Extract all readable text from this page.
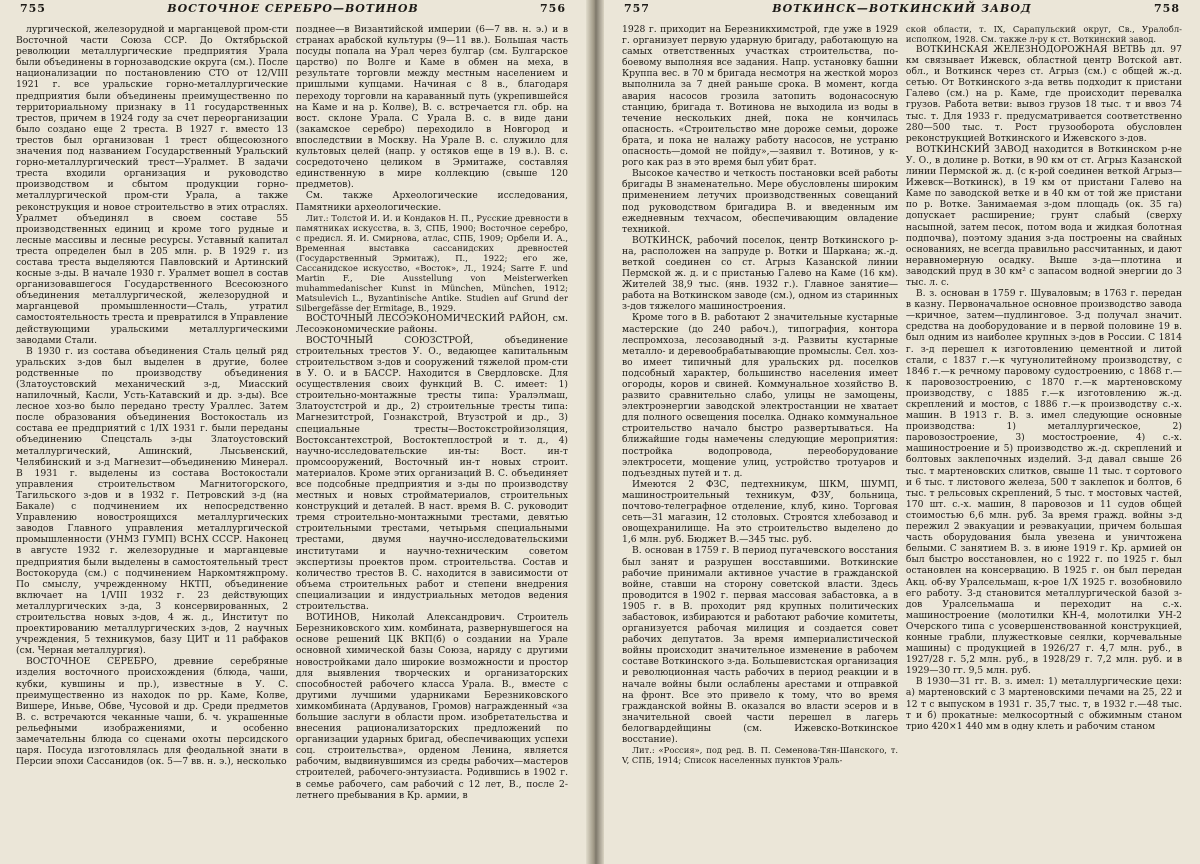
755	ВОСТОЧНОЕ СЕРЕБРО—ВОТИНОВ	756

лургической, железорудной и марганцевой пром-сти Восточной части Союза ССР. До Октябрьской революции металлургические предприятия Урала были объединены в горнозаводские округа (см.). После национализации по постановлению СТО от 12/VIII 1921 г. все уральские горно-металлургические предприятия были объединены преимущественно по территориальному признаку в 11 государственных трестов, причем в 1924 году за счет переорганизации было создано еще 2 треста. В 1927 г. вместо 13 трестов был организован 1 трест общесоюзного значения под названием Государственный Уральский горно-металлургический трест—Уралмет. В задачи треста входили организация и руководство производством и сбытом продукции горно-металлургической пром-сти Урала, а также реконструкция и новое строительство в этих отраслях. Уралмет объединял в своем составе 55 производственных единиц и кроме того рудные и лесные массивы и лесные ресурсы. Уставный капитал треста определен был в 205 млн. р. В 1929 г. из состава треста выделяются Павловский и Артинский косные з-ды. В начале 1930 г. Уралмет вошел в состав организовавшегося Государственного Всесоюзного объединения металлургической, железорудной и марганцевой промышленности—Сталь, утратил самостоятельность треста и превратился в Управление действующими уральскими металлургическими заводами Стали.

В 1930 г. из состава объединения Сталь целый ряд уральских з-дов был выделен в другие, более родственные по производству объединения (Златоустовский механический з-д, Миасский напилочный, Касли, Усть-Катавский и др. з-ды). Все лесное хоз-во было передано тресту Ураллес. Затем после образования объединения Востокосталь из состава ее предприятий с 1/IX 1931 г. были переданы объединению Спецсталь з-ды Златоустовский металлургический, Ашинский, Лысьвенский, Челябинский и з-д Магнезит—объединению Минерал. В 1931 г. выделены из состава Востокостали управления строительством Магнитогорского, Тагильского з-дов и в 1932 г. Петровский з-д (на Бакале) с подчинением их непосредственно Управлению новостроящихся металлургических заводов Главного управления металлургической промышленности (УНМЗ ГУМП) ВСНХ СССР. Наконец в августе 1932 г. железорудные и марганцевые предприятия были выделены в самостоятельный трест Востокоруда (см.) с подчинением Наркомтяжпрому. По смыслу, учрежденному НКТП, объединение включает на 1/VIII 1932 г. 23 действующих металлургических з-да, 3 консервированных, 2 строительства новых з-дов, 4 ж. д., Институт по проектированию металлургических з-дов, 2 научных учреждения, 5 техникумов, базу ЦИТ и 11 рабфаков (см. Черная металлургия).

ВОСТОЧНОЕ СЕРЕБРО, древние серебряные изделия восточного происхождения (блюда, чаши, кубки, кувшины и пр.), известные в У. С. преимущественно из находок по рр. Каме, Колве, Вишере, Иньве, Обве, Чусовой и др. Среди предметов В. с. встречаются чеканные чаши, б. ч. украшенные рельефными изображениями, и особенно замечательны блюда со сценами охоты персидского царя. Посуда изготовлялась для феодальной знати в Персии эпохи Сассанидов (ок. 5—7 вв. н. э.), несколько

позднее—в Византийской империи (6—7 вв. н. э.) и в странах арабской культуры (9—11 вв.). Большая часть посуды попала на Урал через булгар (см. Булгарское царство) по Волге и Каме в обмен на меха, в результате торговли между местным населением и пришлыми купцами. Начиная с 8 в., благодаря переходу торговли на караванный путь (укрепившейся на Каме и на р. Колве), В. с. встречается гл. обр. на вост. склоне Урала. С Урала В. с. в виде дани (закамское серебро) переходило в Новгород и впоследствии в Москву. На Урале В. с. служило для культовых целей (напр. у остяков еще в 19 в.). В. с. сосредоточено целиком в Эрмитаже, составляя единственную в мире коллекцию (свыше 120 предметов).

См. также Археологические исследования, Памятники археологические.

Лит.: Толстой И. И. и Кондаков Н. П., Русские древности в памятниках искусства, в. 3, СПБ, 1900; Восточное серебро, с предисл. Я. И. Смирнова, атлас, СПБ, 1909; Орбели И. А., Временная выставка сассанидских древностей (Государственный Эрмитаж), П., 1922; его же, Сассанидское искусство, «Восток», Л., 1924; Sarre F. und Martin F., Die Ausstellung von Meisterwerken muhammedanischer Kunst in München, München, 1912; Matsulevich L., Byzantinische Antike. Studien auf Grund der Silbergefässe der Ermitage, B., 1929.

ВОСТОЧНЫЙ ЛЕСОЭКОНОМИЧЕСКИЙ РАЙОН, см. Лесоэкономические районы.

ВОСТОЧНЫЙ СОЮЗСТРОЙ, объединение строительных трестов У. О., ведающее капитальным строительством з-дов и сооружений тяжелой пром-сти в У. О. и в БАССР. Находится в Свердловске. Для осуществления своих функций В. С. имеет: 1) строительно-монтажные тресты типа: Уралэлмаш, Златоустстрой и др., 2) строительные тресты типа: Магнезитстрой, Гознакстрой, Втузстрой и др., 3) специальные тресты—Востокстройизоляция, Востоксантехстрой, Востоктеплострой и т. д., 4) научно-исследовательские ин-ты: Вост. ин-т промсооружений, Восточный ин-т новых строит. материалов. Кроме этих организаций В. С. объединяет все подсобные предприятия и з-ды по производству местных и новых стройматериалов, строительных конструкций и деталей. В наст. время В. С. руководит тремя строительно-монтажными трестами, девятью строительными трестами, четырьмя специальными трестами, двумя научно-исследовательскими институтами и научно-техническим советом экспертизы проектов пром. строительства. Состав и количество трестов В. С. находится в зависимости от объема строительных работ и степени внедрения специализации и индустриальных методов ведения строительства.

ВОТИНОВ, Николай Александрович. Строитель Березниковского хим. комбината, развернувшегося на основе решений ЦК ВКП(б) о создании на Урале основной химической базы Союза, наряду с другими новостройками дало широкие возможности и простор для выявления творческих и организаторских способностей рабочего класса Урала. В., вместе с другими лучшими ударниками Березниковского химкомбината (Ардуванов, Громов) награжденный «за большие заслуги в области пром. изобретательства и внесения рационализаторских предложений по организации ударных бригад, обеспечивающих успехи соц. строительства», орденом Ленина, является рабочим, выдвинувшимся из среды рабочих—мастеров строителей, рабочего-энтузиаста. Родившись в 1902 г. в семье рабочего, сам рабочий с 12 лет, В., после 2-летнего пребывания в Кр. армии, в

757	ВОТКИНСК—ВОТКИНСКИЙ ЗАВОД	758

1928 г. приходит на Березникхимстрой, где уже в 1929 г. организует первую ударную бригаду, работающую на самых ответственных участках строительства, по-боевому выполняя все задания. Напр. установку башни Круппа вес. в 70 м бригада несмотря на жесткой мороз выполнила за 7 дней раньше срока. В момент, когда авария насосов грозила затопить водонасосную станцию, бригада т. Вотинова не выходила из воды в течение нескольких дней, пока не кончилась опасность. «Строительство мне дороже семьи, дороже брата, и пока не налажу работу насосов, не устраню опасность—домой не пойду»,—заявил т. Вотинов, у к-рого как раз в это время был убит брат.

Высокое качество и четкость постановки всей работы бригады В знаменательно. Мере обусловлены широким применением летучих производственных совещаний под руководством бригадира В. и введенным им ежедневным техчасом, обеспечивающим овладение техникой.

ВОТКИНСК, рабочий поселок, центр Воткинского р-на, расположен на запруде р. Вотки и Шаркана; ж.-д. веткой соединен со ст. Агрыз Казанской линии Пермской ж. д. и с пристанью Галево на Каме (16 км). Жителей 38,9 тыс. (янв. 1932 г.). Главное занятие—работа на Воткинском заводе (см.), одном из старинных з-дов тяжелого машиностроения.

Кроме того в В. работают 2 значительные кустарные мастерские (до 240 рабоч.), типография, контора леспромхоза, лесозаводный з-д. Развиты кустарные металло- и деревообрабатывающие промыслы. Сел. хоз-во имеет типичный для уральских рд. поселков подсобный характер, большинство населения имеет огороды, коров и свиней. Коммунальное хозяйство В. развито сравнительно слабо, улицы не замощены, электроэнергии заводской электростанции не хватает для полного освещения поселка. Однако коммунальное строительство начало быстро развертываться. На ближайшие годы намечены следующие мероприятия: постройка водопровода, переоборудование электросети, мощение улиц, устройство тротуаров и подъездных путей и т. д.

Имеются 2 ФЗС, педтехникум, ШКМ, ШУМП, машиностроительный техникум, ФЗУ, больница, почтово-телеграфное отделение, клуб, кино. Торговая сеть—31 магазин, 12 столовых. Строятся хлебозавод и овощехранилище. На это строительство выделено до 1,6 млн. руб. Бюджет В.—345 тыс. руб.

В. основан в 1759 г. В период пугачевского восстания был занят и разрушен восставшими. Воткинские рабочие принимали активное участие в гражданской войне, ставши на сторону советской власти. Здесь проводится в 1902 г. первая массовая забастовка, а в 1905 г. в В. проходит ряд крупных политических забастовок, избираются и работают рабочие комитеты, организуется рабочая милиция и создается совет рабочих депутатов. За время империалистической войны происходит значительное изменение в рабочем составе Воткинского з-да. Большевистская организация и революционная часть рабочих в период реакции и в начале войны были ослаблены арестами и отправкой на фронт. Все это привело к тому, что во время гражданской войны В. оказался во власти эсеров и в значительной своей части перешел в лагерь белогвардейщины (см. Ижевско-Воткинское восстание).

Лит.: «Россия», под ред. В. П. Семенова-Тян-Шанского, т. V, СПБ, 1914; Список населенных пунктов Ураль-

ской области, т. IX, Сарапульский округ, Св., Уралобл-исполком, 1928. См. также л-ру к ст. Воткинский завод.

ВОТКИНСКАЯ ЖЕЛЕЗНОДОРОЖНАЯ ВЕТВЬ дл. 97 км связывает Ижевск, областной центр Вотской авт. обл., и Воткинск через ст. Агрыз (см.) с общей ж.-д. сетью. От Воткинского з-да ветвь подходит к пристани Галево (см.) на р. Каме, где происходит перевалка грузов. Работа ветви: вывоз грузов 18 тыс. т и ввоз 74 тыс. т. Для 1933 г. предусматривается соответственно 280—500 тыс. т. Рост грузооборота обусловлен реконструкцией Воткинского и Ижевского з-дов.

ВОТКИНСКИЙ ЗАВОД находится в Воткинском р-не У. О., в долине р. Вотки, в 90 км от ст. Агрыз Казанской линии Пермской ж. д. (с к-рой соединен веткой Агрыз—Ижевск—Воткинск), в 19 км от пристани Галево на Каме по заводской ветке и в 40 км от той же пристани по р. Вотке. Занимаемая з-дом площадь (ок. 35 га) допускает расширение; грунт слабый (сверху насыпной, затем песок, потом вода и жидкая болотная подпочва), поэтому здания з-да построены на свайных основаниях, не всегда правильно рассчитанных, и дают неравномерную осадку. Выше з-да—плотина и заводский пруд в 30 км² с запасом водной энергии до 3 тыс. л. с.

В. з. основан в 1759 г. Шуваловым; в 1763 г. передан в казну. Первоначальное основное производство завода—кричное, затем—пудлинговое. З-д получал значит. средства на дооборудование и в первой половине 19 в. был одним из наиболее крупных з-дов в России. С 1814 г. з-д перешел к изготовлению цементной и литой стали, с 1837 г.—к чугунолитейному производству, с 1846 г.—к речному паровому судостроению, с 1868 г.—к паровозостроению, с 1870 г.—к мартеновскому производству, с 1885 г.—к изготовлению ж.-д. скреплений и мостов, с 1886 г.—к производству с.-х. машин. В 1913 г. В. з. имел следующие основные производства: 1) металлургическое, 2) паровозостроение, 3) мостостроение, 4) с.-х. машиностроение и 5) производство ж.-д. скреплений и болтовых заклепочных изделий. З-д давал свыше 26 тыс. т мартеновских слитков, свыше 11 тыс. т сортового и 6 тыс. т листового железа, 500 т заклепок и болтов, 6 тыс. т рельсовых скреплений, 5 тыс. т мостовых частей, 170 шт. с.-х. машин, 8 паровозов и 11 судов общей стоимостью 6,6 млн. руб. За время гражд. войны з-д пережил 2 эвакуации и реэвакуации, причем большая часть оборудования была увезена и уничтожена белыми. С занятием В. з. в июне 1919 г. Кр. армией он был быстро восстановлен, но с 1922 г. по 1925 г. был остановлен на консервацию. В 1925 г. он был передан Акц. об-ву Уралсельмаш, к-рое 1/X 1925 г. возобновило его работу. З-д становится металлургической базой з-дов Уралсельмаша и переходит на с.-х. машиностроение (молотилки КН-4, молотилки УН-2 Очерского типа с усовершенствованной конструкцией, конные грабли, плужестковые сеялки, корчевальные машины) с продукцией в 1926/27 г. 4,7 млн. руб., в 1927/28 г. 5,2 млн. руб., в 1928/29 г. 7,2 млн. руб. и в 1929—30 гг. 9,5 млн. руб.

В 1930—31 гг. В. з. имел: 1) металлургические цехи: а) мартеновский с 3 мартеновскими печами на 25, 22 и 12 т с выпуском в 1931 г. 35,7 тыс. т, в 1932 г.—48 тыс. т и б) прокатные: мелкосортный с обжимным станом трио 420×1 440 мм в одну клеть и рабочим станом
